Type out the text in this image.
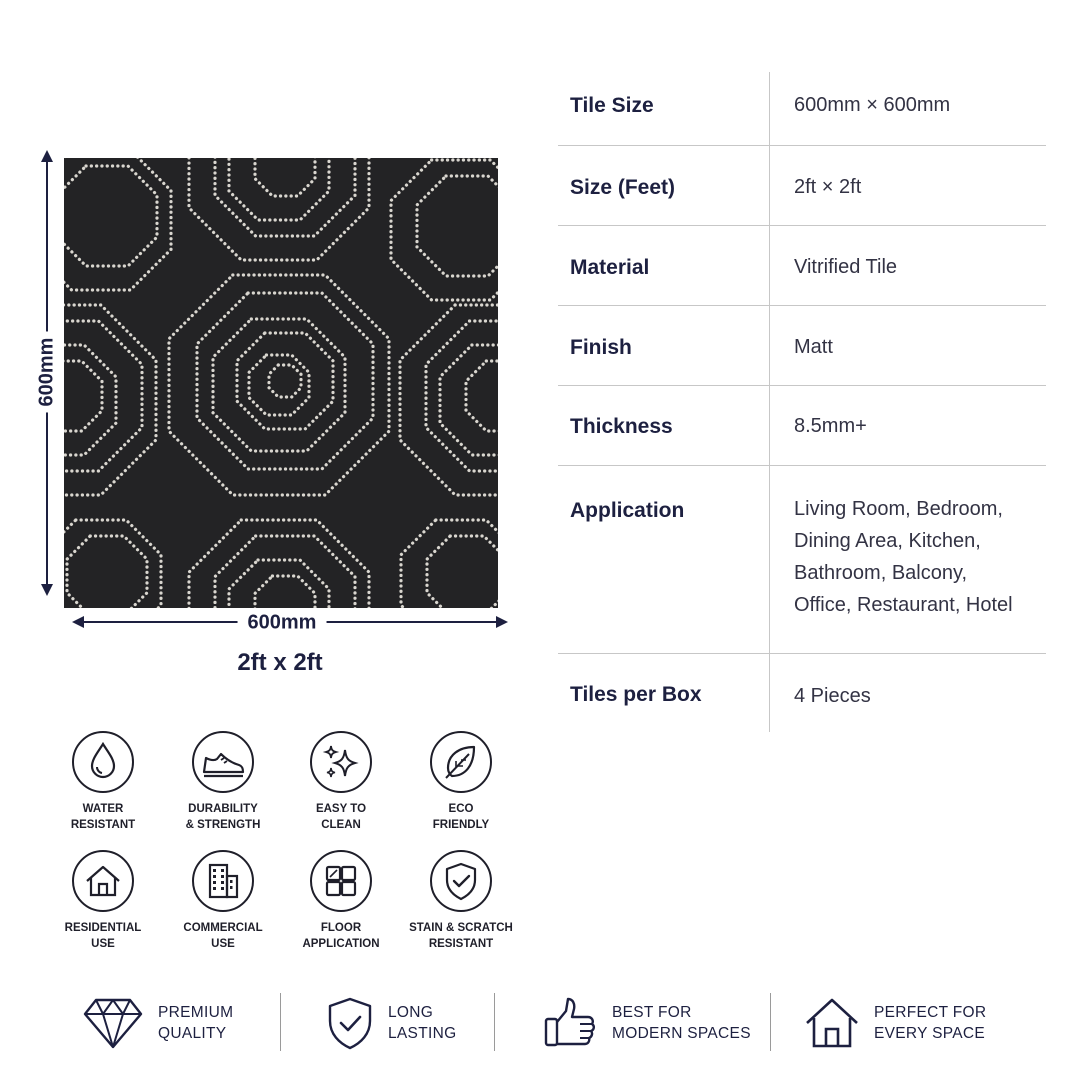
600mm
600mm
2ft x 2ft
Tile Size	600mm × 600mm
Size (Feet)	2ft × 2ft
Material	Vitrified Tile
Finish	Matt
Thickness	8.5mm+
Application	Living Room, Bedroom,
Dining Area, Kitchen,
Bathroom, Balcony,
Office, Restaurant, Hotel
Tiles per Box	4 Pieces
WATER
RESISTANT
DURABILITY
& STRENGTH
EASY TO
CLEAN
ECO
FRIENDLY
RESIDENTIAL
USE
COMMERCIAL
USE
FLOOR
APPLICATION
STAIN & SCRATCH
RESISTANT
PREMIUM
QUALITY
LONG
LASTING
BEST FOR
MODERN SPACES
PERFECT FOR
EVERY SPACE
